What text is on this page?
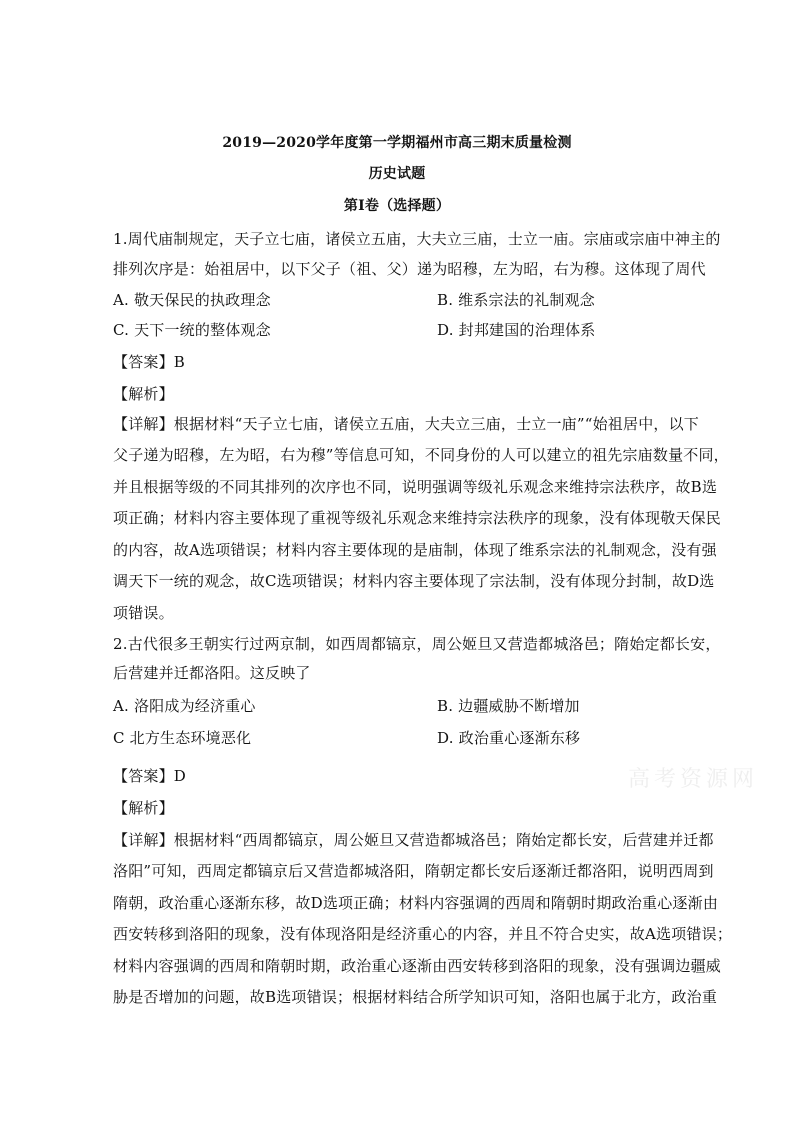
2019—2020学年度第一学期福州市高三期末质量检测
历史试题
第I卷（选择题）
1.周代庙制规定，天子立七庙，诸侯立五庙，大夫立三庙，士立一庙。宗庙或宗庙中神主的
排列次序是：始祖居中，以下父子（祖、父）递为昭穆，左为昭，右为穆。这体现了周代
A. 敬天保民的执政理念	B. 维系宗法的礼制观念
C. 天下一统的整体观念	D. 封邦建国的治理体系
【答案】B
【解析】
【详解】根据材料“天子立七庙，诸侯立五庙，大夫立三庙，士立一庙”“始祖居中，以下
父子递为昭穆，左为昭，右为穆”等信息可知，不同身份的人可以建立的祖先宗庙数量不同，
并且根据等级的不同其排列的次序也不同，说明强调等级礼乐观念来维持宗法秩序，故B选
项正确；材料内容主要体现了重视等级礼乐观念来维持宗法秩序的现象，没有体现敬天保民
的内容，故A选项错误；材料内容主要体现的是庙制，体现了维系宗法的礼制观念，没有强
调天下一统的观念，故C选项错误；材料内容主要体现了宗法制，没有体现分封制，故D选
项错误。
2.古代很多王朝实行过两京制，如西周都镐京，周公姬旦又营造都城洛邑；隋始定都长安，
后营建并迁都洛阳。这反映了
A. 洛阳成为经济重心	B. 边疆威胁不断增加
C 北方生态环境恶化	D. 政治重心逐渐东移
【答案】D
【解析】
【详解】根据材料“西周都镐京，周公姬旦又营造都城洛邑；隋始定都长安，后营建并迁都
洛阳”可知，西周定都镐京后又营造都城洛阳，隋朝定都长安后逐渐迁都洛阳，说明西周到
隋朝，政治重心逐渐东移，故D选项正确；材料内容强调的西周和隋朝时期政治重心逐渐由
西安转移到洛阳的现象，没有体现洛阳是经济重心的内容，并且不符合史实，故A选项错误；
材料内容强调的西周和隋朝时期，政治重心逐渐由西安转移到洛阳的现象，没有强调边疆威
胁是否增加的问题，故B选项错误；根据材料结合所学知识可知，洛阳也属于北方，政治重
高考资源网
